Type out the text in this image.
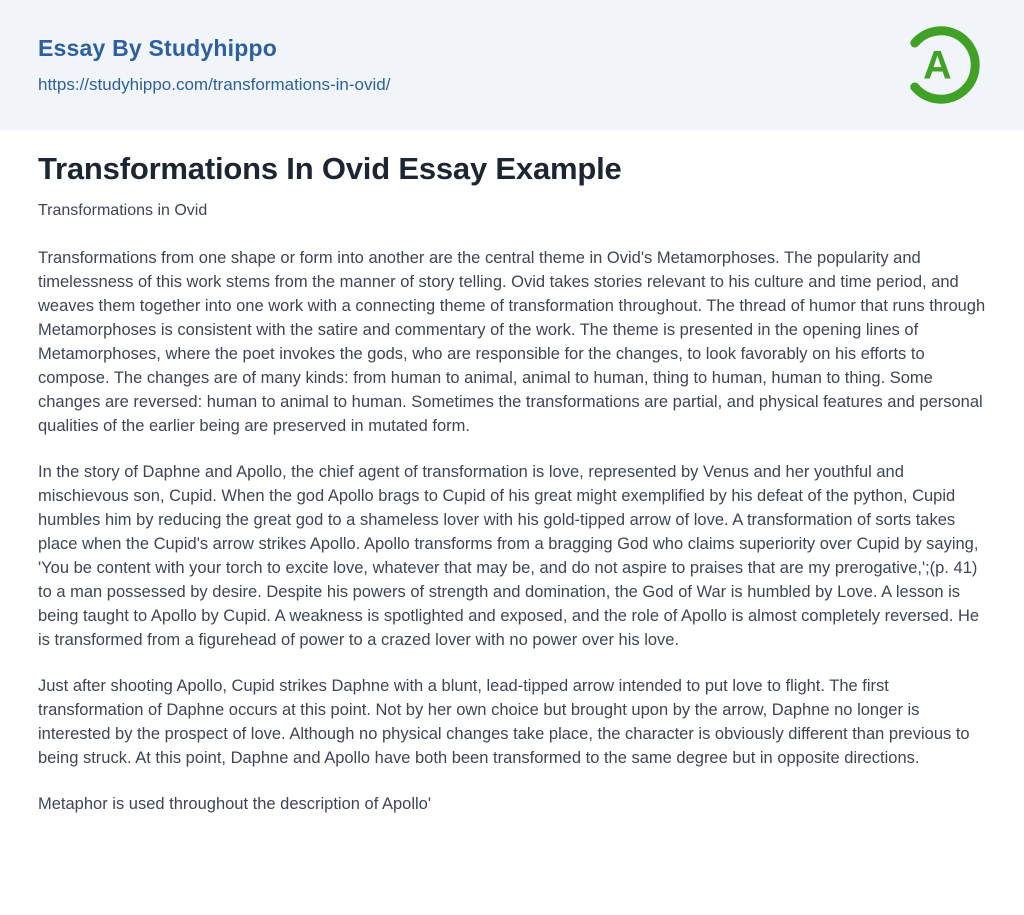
Essay By Studyhippo
https://studyhippo.com/transformations-in-ovid/	A
Transformations In Ovid Essay Example
Transformations in Ovid

Transformations from one shape or form into another are the central theme in Ovid's Metamorphoses. The popularity and timelessness of this work stems from the manner of story telling. Ovid takes stories relevant to his culture and time period, and weaves them together into one work with a connecting theme of transformation throughout. The thread of humor that runs through Metamorphoses is consistent with the satire and commentary of the work. The theme is presented in the opening lines of Metamorphoses, where the poet invokes the gods, who are responsible for the changes, to look favorably on his efforts to compose. The changes are of many kinds: from human to animal, animal to human, thing to human, human to thing. Some changes are reversed: human to animal to human. Sometimes the transformations are partial, and physical features and personal qualities of the earlier being are preserved in mutated form.

In the story of Daphne and Apollo, the chief agent of transformation is love, represented by Venus and her youthful and mischievous son, Cupid. When the god Apollo brags to Cupid of his great might exemplified by his defeat of the python, Cupid humbles him by reducing the great god to a shameless lover with his gold-tipped arrow of love. A transformation of sorts takes place when the Cupid's arrow strikes Apollo. Apollo transforms from a bragging God who claims superiority over Cupid by saying, 'You be content with your torch to excite love, whatever that may be, and do not aspire to praises that are my prerogative,';(p. 41) to a man possessed by desire. Despite his powers of strength and domination, the God of War is humbled by Love. A lesson is being taught to Apollo by Cupid. A weakness is spotlighted and exposed, and the role of Apollo is almost completely reversed. He is transformed from a figurehead of power to a crazed lover with no power over his love.

Just after shooting Apollo, Cupid strikes Daphne with a blunt, lead-tipped arrow intended to put love to flight. The first transformation of Daphne occurs at this point. Not by her own choice but brought upon by the arrow, Daphne no longer is interested by the prospect of love. Although no physical changes take place, the character is obviously different than previous to being struck. At this point, Daphne and Apollo have both been transformed to the same degree but in opposite directions.

Metaphor is used throughout the description of Apollo'
